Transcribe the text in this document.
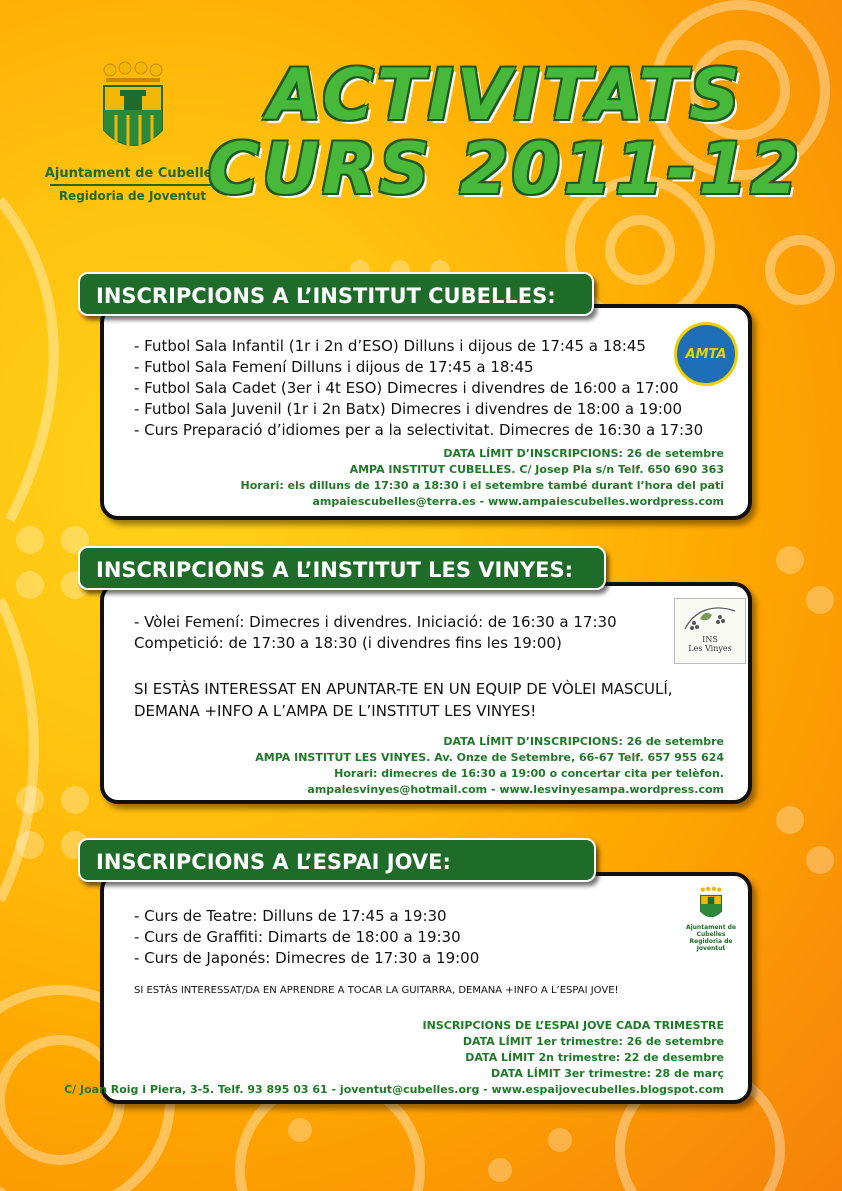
Ajuntament de Cubelles
Regidoria de Joventut
ACTIVITATS
CURS 2011-12
INSCRIPCIONS A L’INSTITUT CUBELLES:
- Futbol Sala Infantil (1r i 2n d’ESO) Dilluns i dijous de 17:45 a 18:45
- Futbol Sala Femení Dilluns i dijous de 17:45 a 18:45
- Futbol Sala Cadet (3er i 4t ESO) Dimecres i divendres de 16:00 a 17:00
- Futbol Sala Juvenil (1r i 2n Batx) Dimecres i divendres de 18:00 a 19:00
- Curs Preparació d’idiomes per a la selectivitat. Dimecres de 16:30 a 17:30
AMTA
DATA LÍMIT D’INSCRIPCIONS: 26 de setembre
AMPA INSTITUT CUBELLES. C/ Josep Pla s/n Telf. 650 690 363
Horari: els dilluns de 17:30 a 18:30 i el setembre també durant l’hora del pati
ampaiescubelles@terra.es - www.ampaiescubelles.wordpress.com
INSCRIPCIONS A L’INSTITUT LES VINYES:
- Vòlei Femení: Dimecres i divendres. Iniciació: de 16:30 a 17:30
Competició: de 17:30 a 18:30 (i divendres fins les 19:00)	INS
Les Vinyes
SI ESTÀS INTERESSAT EN APUNTAR-TE EN UN EQUIP DE VÒLEI MASCULÍ,
DEMANA +INFO A L’AMPA DE L’INSTITUT LES VINYES!
DATA LÍMIT D’INSCRIPCIONS: 26 de setembre
AMPA INSTITUT LES VINYES. Av. Onze de Setembre, 66-67 Telf. 657 955 624
Horari: dimecres de 16:30 a 19:00 o concertar cita per telèfon.
ampalesvinyes@hotmail.com - www.lesvinyesampa.wordpress.com
INSCRIPCIONS A L’ESPAI JOVE:
- Curs de Teatre: Dilluns de 17:45 a 19:30
- Curs de Graffiti: Dimarts de 18:00 a 19:30
- Curs de Japonés: Dimecres de 17:30 a 19:00
Ajuntament de Cubelles
Regidoria de Joventut
SI ESTÀS INTERESSAT/DA EN APRENDRE A TOCAR LA GUITARRA, DEMANA +INFO A L’ESPAI JOVE!
INSCRIPCIONS DE L’ESPAI JOVE CADA TRIMESTRE
DATA LÍMIT 1er trimestre: 26 de setembre
DATA LÍMIT 2n trimestre: 22 de desembre
DATA LÍMIT 3er trimestre: 28 de març
C/ Joan Roig i Piera, 3-5. Telf. 93 895 03 61 - joventut@cubelles.org - www.espaijovecubelles.blogspot.com
